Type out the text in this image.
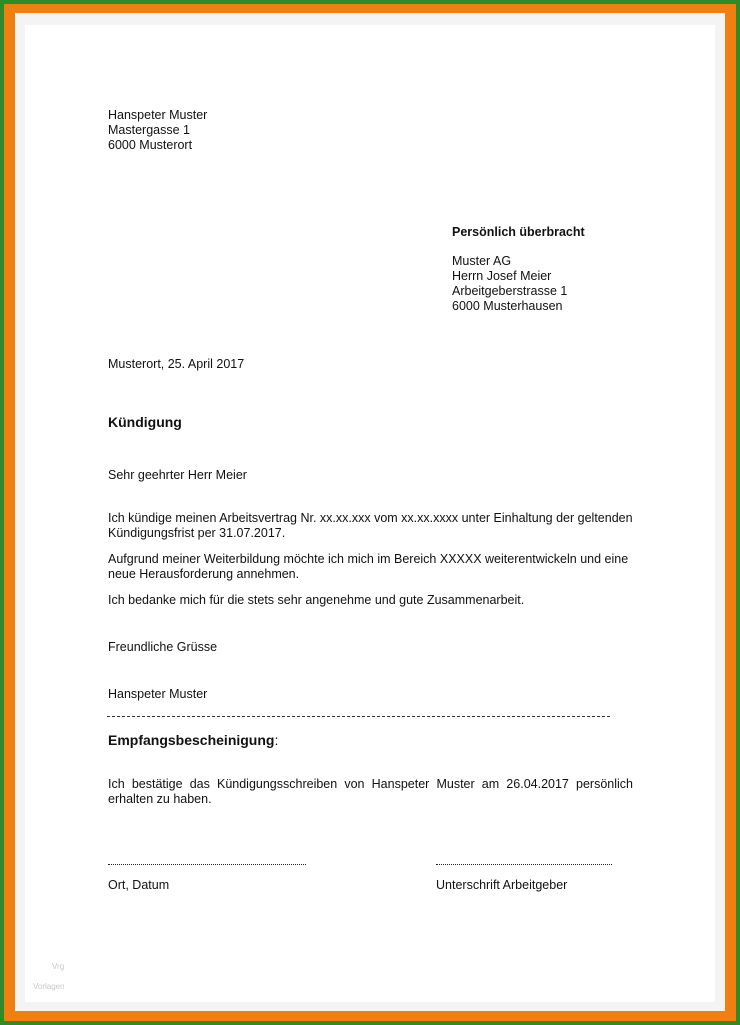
Hanspeter Muster
Mastergasse 1
6000 Musterort
Persönlich überbracht
Muster AG
Herrn Josef Meier
Arbeitgeberstrasse 1
6000 Musterhausen
Musterort, 25. April 2017
Kündigung
Sehr geehrter Herr Meier
Ich kündige meinen Arbeitsvertrag Nr. xx.xx.xxx vom xx.xx.xxxx unter Einhaltung der geltenden Kündigungsfrist per 31.07.2017.
Aufgrund meiner Weiterbildung möchte ich mich im Bereich XXXXX weiterentwickeln und eine neue Herausforderung annehmen.
Ich bedanke mich für die stets sehr angenehme und gute Zusammenarbeit.
Freundliche Grüsse
Hanspeter Muster
Empfangsbescheinigung:
Ich bestätige das Kündigungsschreiben von Hanspeter Muster am 26.04.2017 persönlich erhalten zu haben.
Ort, Datum	Unterschrift Arbeitgeber
Vrg
Vorlagen
